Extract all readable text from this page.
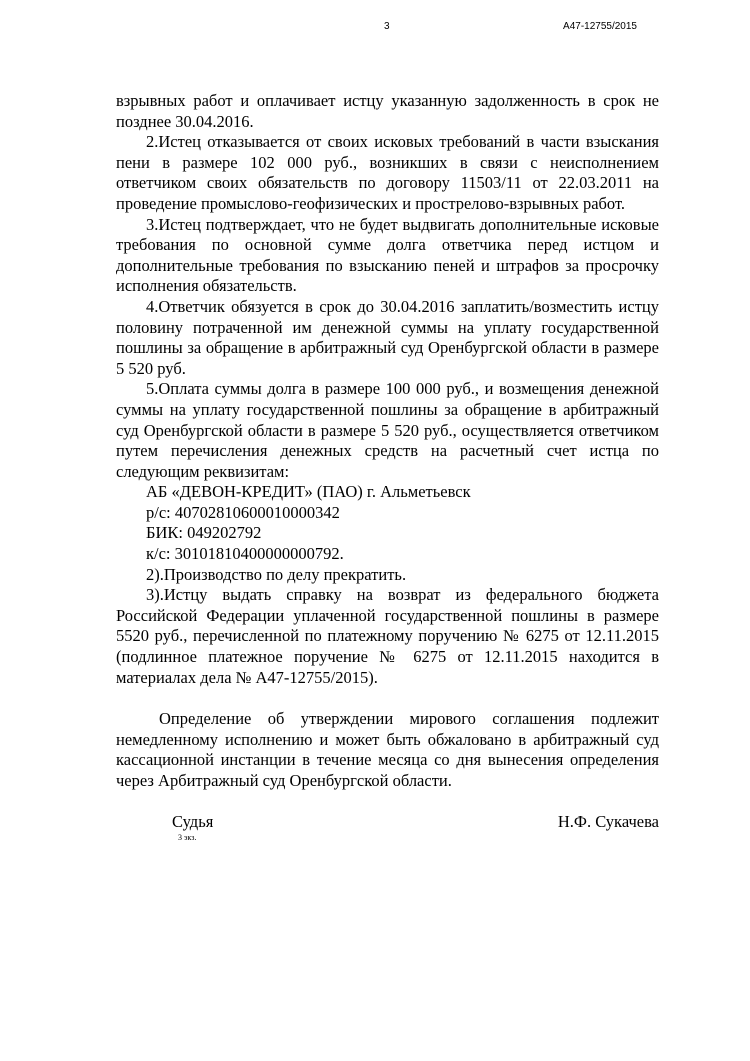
3	А47-12755/2015

взрывных работ и оплачивает истцу указанную задолженность в срок не позднее 30.04.2016.

2.Истец отказывается от своих исковых требований в части взыскания пени в размере 102 000 руб., возникших в связи с неисполнением ответчиком своих обязательств по договору 11503/11 от 22.03.2011 на проведение промыслово-геофизических и прострелово-взрывных работ.

3.Истец подтверждает, что не будет выдвигать дополнительные исковые требования по основной сумме долга ответчика перед истцом и дополнительные требования по взысканию пеней и штрафов за просрочку исполнения обязательств.

4.Ответчик обязуется в срок до 30.04.2016 заплатить/возместить истцу половину потраченной им денежной суммы на уплату государственной пошлины за обращение в арбитражный суд Оренбургской области в размере 5 520 руб.

5.Оплата суммы долга в размере 100 000 руб., и возмещения денежной суммы на уплату государственной пошлины за обращение в арбитражный суд Оренбургской области в размере 5 520 руб., осуществляется ответчиком путем перечисления денежных средств на расчетный счет истца по следующим реквизитам:

АБ «ДЕВОН-КРЕДИТ» (ПАО) г. Альметьевск

р/с: 40702810600010000342

БИК: 049202792

к/с: 30101810400000000792.

2).Производство по делу прекратить.

3).Истцу выдать справку на возврат из федерального бюджета Российской Федерации уплаченной государственной пошлины в размере 5520 руб., перечисленной по платежному поручению № 6275 от 12.11.2015 (подлинное платежное поручение № 6275 от 12.11.2015 находится в материалах дела № А47-12755/2015).

Определение об утверждении мирового соглашения подлежит немедленному исполнению и может быть обжаловано в арбитражный суд кассационной инстанции в течение месяца со дня вынесения определения через Арбитражный суд Оренбургской области.

Судья	Н.Ф. Сукачева
3 экз.
